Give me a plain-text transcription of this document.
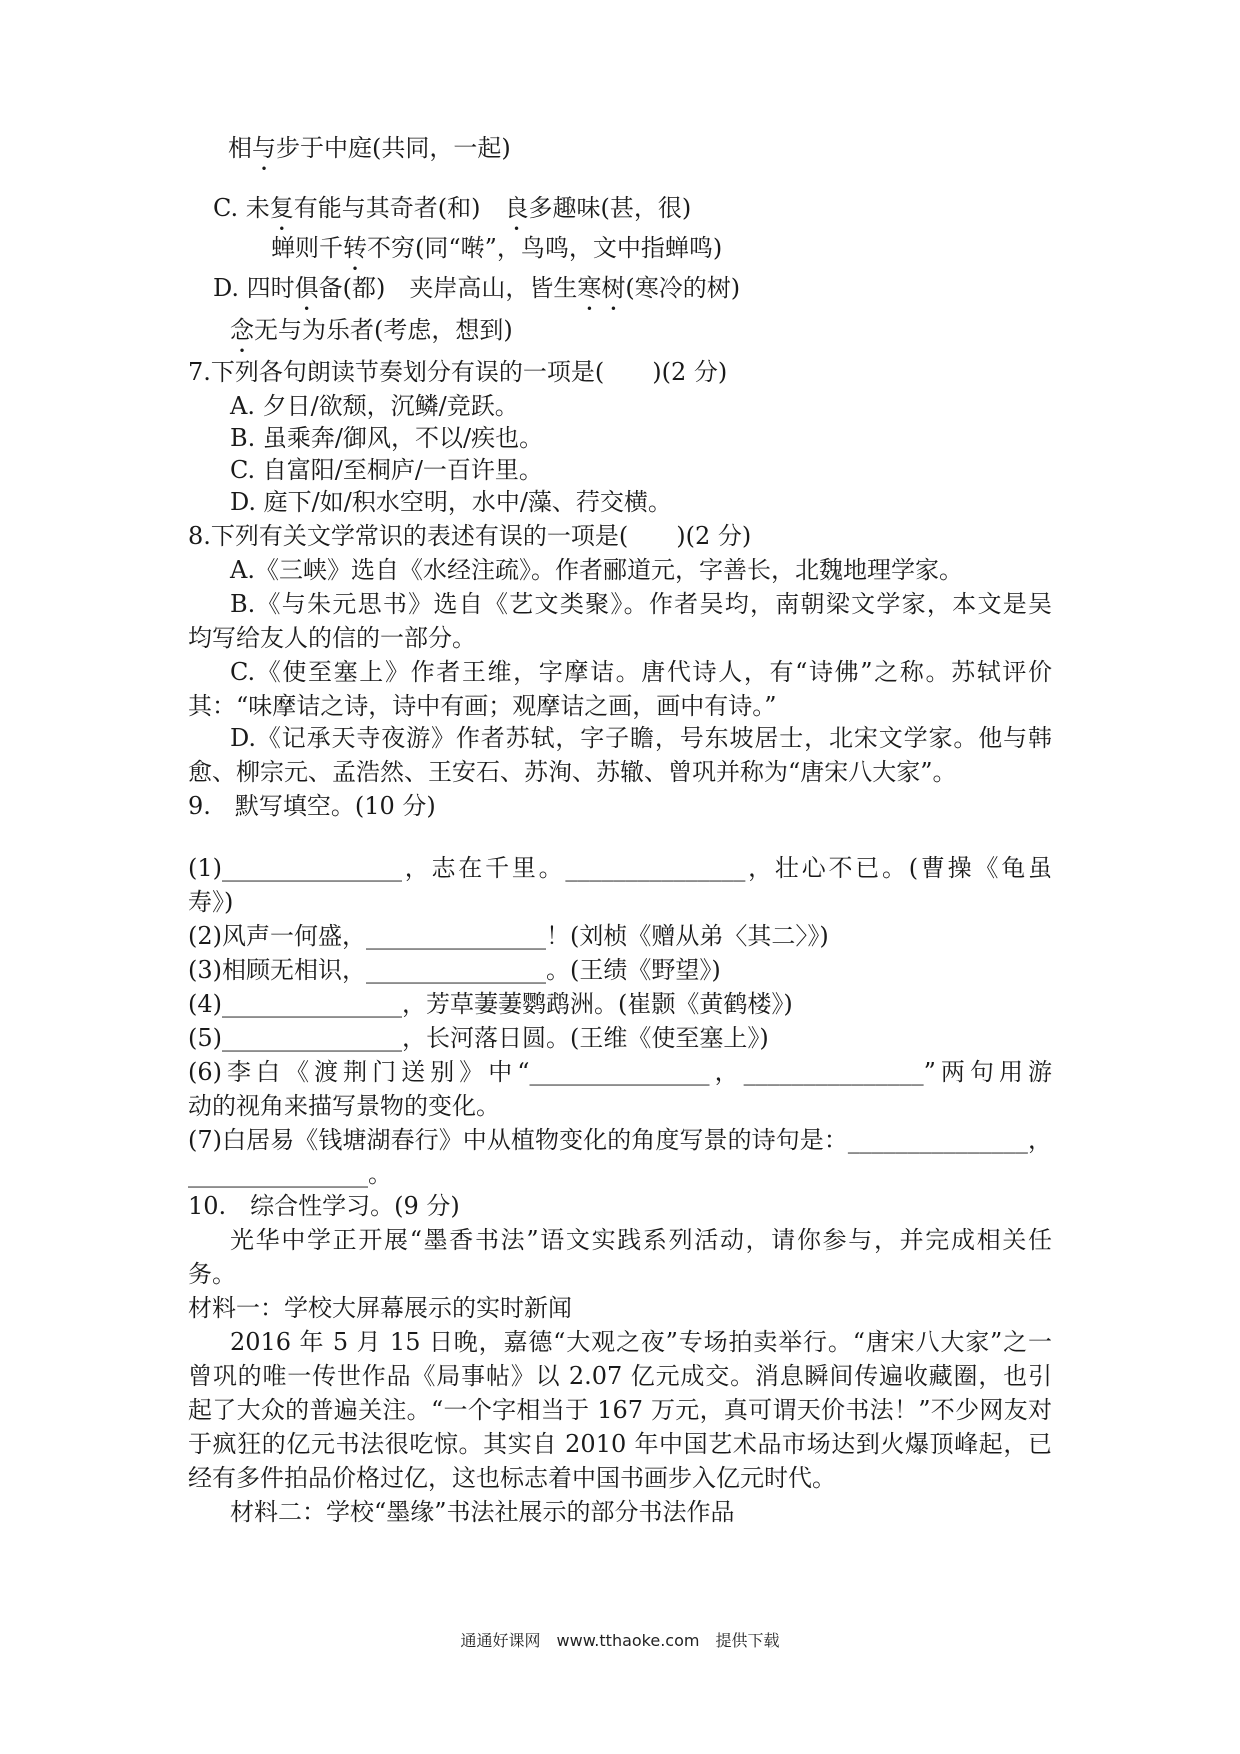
相与步于中庭(共同，一起)
C. 未复有能与其奇者(和)　良多趣味(甚，很)
蝉则千转不穷(同“啭”，鸟鸣，文中指蝉鸣)
D. 四时俱备(都)　夹岸高山，皆生寒树(寒冷的树)
念无与为乐者(考虑，想到)
7.下列各句朗读节奏划分有误的一项是(　　)(2 分)
A. 夕日/欲颓，沉鳞/竞跃。
B. 虽乘奔/御风，不以/疾也。
C. 自富阳/至桐庐/一百许里。
D. 庭下/如/积水空明，水中/藻、荇交横。
8.下列有关文学常识的表述有误的一项是(　　)(2 分)
A.《三峡》选自《水经注疏》。作者郦道元，字善长，北魏地理学家。
B.《与朱元思书》选自《艺文类聚》。作者吴均，南朝梁文学家，本文是吴
均写给友人的信的一部分。
C.《使至塞上》作者王维，字摩诘。唐代诗人，有“诗佛”之称。苏轼评价
其：“味摩诘之诗，诗中有画；观摩诘之画，画中有诗。”
D.《记承天寺夜游》作者苏轼，字子瞻，号东坡居士，北宋文学家。他与韩
愈、柳宗元、孟浩然、王安石、苏洵、苏辙、曾巩并称为“唐宋八大家”。
9.　默写填空。(10 分)
(1)_______________，志在千里。_______________，壮心不已。(曹操《龟虽
寿》)
(2)风声一何盛，_______________！(刘桢《赠从弟〈其二〉》)
(3)相顾无相识，_______________。(王绩《野望》)
(4)_______________，芳草萋萋鹦鹉洲。(崔颢《黄鹤楼》)
(5)_______________，长河落日圆。(王维《使至塞上》)
(6)李白《渡荆门送别》中“_______________，_______________”两句用游
动的视角来描写景物的变化。
(7)白居易《钱塘湖春行》中从植物变化的角度写景的诗句是：_______________，
_______________。
10.　综合性学习。(9 分)
光华中学正开展“墨香书法”语文实践系列活动，请你参与，并完成相关任
务。
材料一：学校大屏幕展示的实时新闻
2016 年 5 月 15 日晚，嘉德“大观之夜”专场拍卖举行。“唐宋八大家”之一
曾巩的唯一传世作品《局事帖》以 2.07 亿元成交。消息瞬间传遍收藏圈，也引
起了大众的普遍关注。“一个字相当于 167 万元，真可谓天价书法！”不少网友对
于疯狂的亿元书法很吃惊。其实自 2010 年中国艺术品市场达到火爆顶峰起，已
经有多件拍品价格过亿，这也标志着中国书画步入亿元时代。
材料二：学校“墨缘”书法社展示的部分书法作品
通通好课网　www.tthaoke.com　提供下载
